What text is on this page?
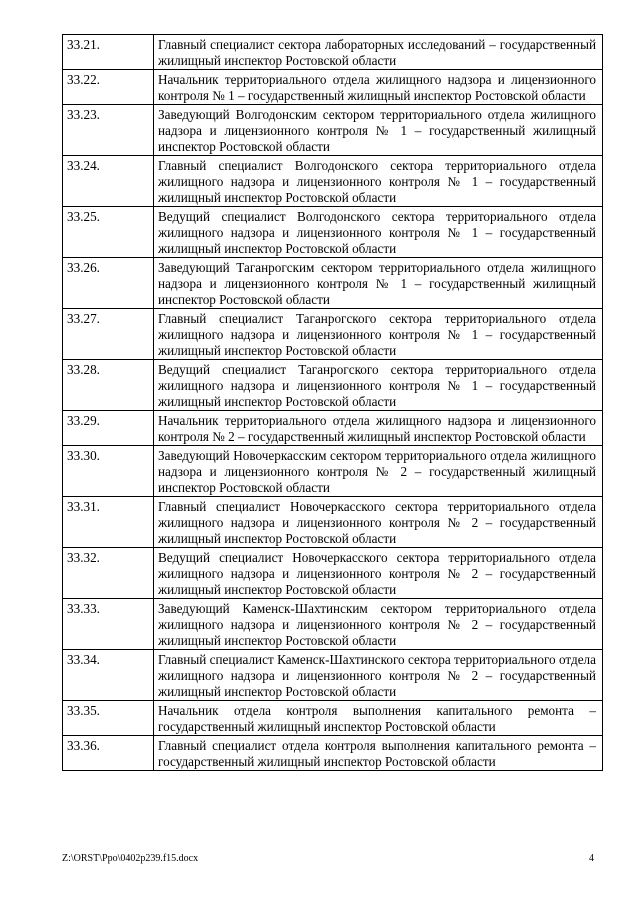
33.21.	Главный специалист сектора лабораторных исследований – государственный жилищный инспектор Ростовской области
33.22.	Начальник территориального отдела жилищного надзора и лицензионного контроля № 1 – государственный жилищный инспектор Ростовской области
33.23.	Заведующий Волгодонским сектором территориального отдела жилищного надзора и лицензионного контроля № 1 – государственный жилищный инспектор Ростовской области
33.24.	Главный специалист Волгодонского сектора территориального отдела жилищного надзора и лицензионного контроля № 1 – государственный жилищный инспектор Ростовской области
33.25.	Ведущий специалист Волгодонского сектора территориального отдела жилищного надзора и лицензионного контроля № 1 – государственный жилищный инспектор Ростовской области
33.26.	Заведующий Таганрогским сектором территориального отдела жилищного надзора и лицензионного контроля № 1 – государственный жилищный инспектор Ростовской области
33.27.	Главный специалист Таганрогского сектора территориального отдела жилищного надзора и лицензионного контроля № 1 – государственный жилищный инспектор Ростовской области
33.28.	Ведущий специалист Таганрогского сектора территориального отдела жилищного надзора и лицензионного контроля № 1 – государственный жилищный инспектор Ростовской области
33.29.	Начальник территориального отдела жилищного надзора и лицензионного контроля № 2 – государственный жилищный инспектор Ростовской области
33.30.	Заведующий Новочеркасским сектором территориального отдела жилищного надзора и лицензионного контроля № 2 – государственный жилищный инспектор Ростовской области
33.31.	Главный специалист Новочеркасского сектора территориального отдела жилищного надзора и лицензионного контроля № 2 – государственный жилищный инспектор Ростовской области
33.32.	Ведущий специалист Новочеркасского сектора территориального отдела жилищного надзора и лицензионного контроля № 2 – государственный жилищный инспектор Ростовской области
33.33.	Заведующий Каменск-Шахтинским сектором территориального отдела жилищного надзора и лицензионного контроля № 2 – государственный жилищный инспектор Ростовской области
33.34.	Главный специалист Каменск-Шахтинского сектора территориального отдела жилищного надзора и лицензионного контроля № 2 – государственный жилищный инспектор Ростовской области
33.35.	Начальник отдела контроля выполнения капитального ремонта – государственный жилищный инспектор Ростовской области
33.36.	Главный специалист отдела контроля выполнения капитального ремонта – государственный жилищный инспектор Ростовской области
Z:\ORST\Ppo\0402p239.f15.docx	4
